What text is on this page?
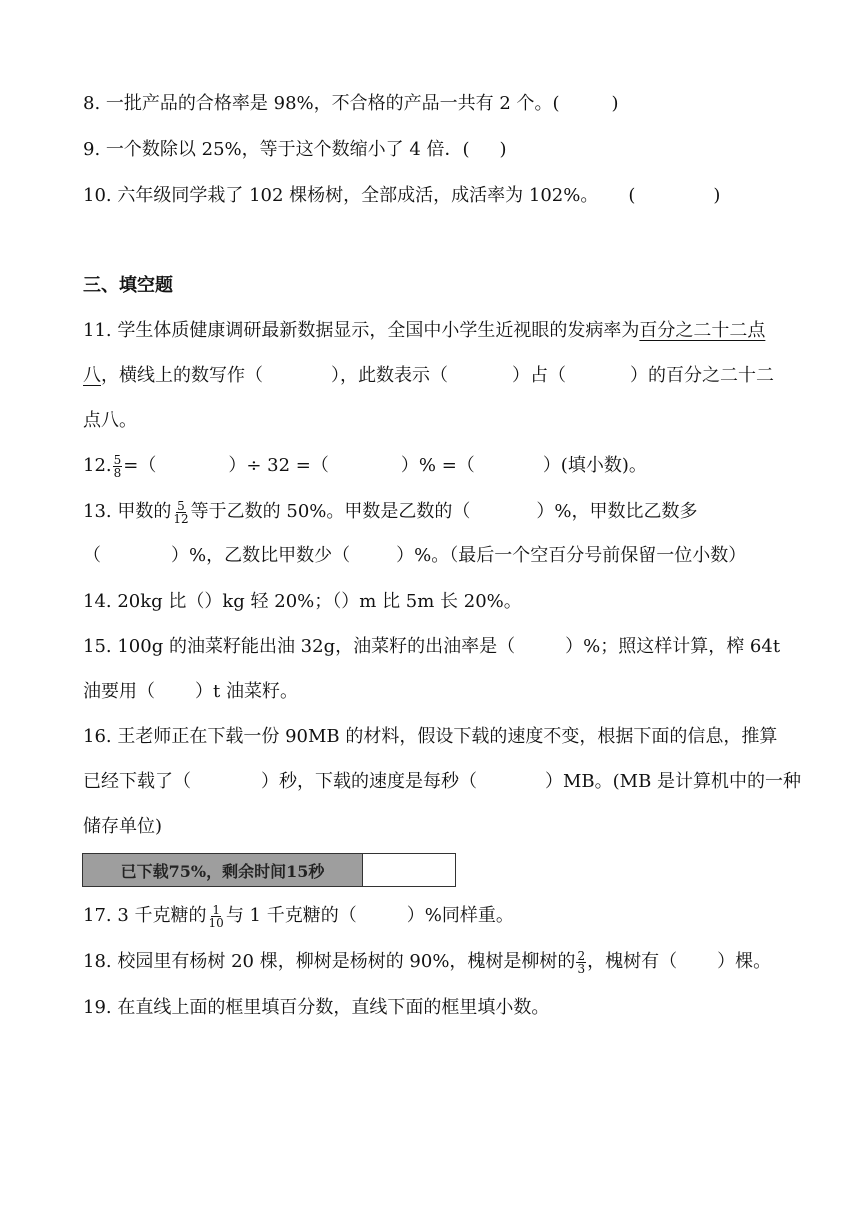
8. 一批产品的合格率是 98%，不合格的产品一共有 2 个。(	)
9. 一个数除以 25%，等于这个数缩小了 4 倍．( )
10. 六年级同学栽了 102 棵杨树，全部成活，成活率为 102%。 (	)
三、填空题
11. 学生体质健康调研最新数据显示，全国中小学生近视眼的发病率为百分之二十二点
八，横线上的数写作（	），此数表示（	）占（	）的百分之二十二
点八。
12. $\frac{5}{8}$ =（	）÷ 32 =（	）% =（	）(填小数)。
13. 甲数的 $\frac{5}{12}$ 等于乙数的 50%。甲数是乙数的（	）%，甲数比乙数多
（	）%，乙数比甲数少（	）%。（最后一个空百分号前保留一位小数）
14. 20kg 比（）kg 轻 20%；（）m 比 5m 长 20%。
15. 100g 的油菜籽能出油 32g，油菜籽的出油率是（	）%；照这样计算，榨 64t
油要用（ ）t 油菜籽。
16. 王老师正在下载一份 90MB 的材料，假设下载的速度不变，根据下面的信息，推算
已经下载了（	）秒，下载的速度是每秒（	）MB。(MB 是计算机中的一种
储存单位)
已下载75%，剩余时间15秒
17. 3 千克糖的 $\frac{1}{10}$ 与 1 千克糖的（	）%同样重。
18. 校园里有杨树 20 棵，柳树是杨树的 90%，槐树是柳树的 $\frac{2}{3}$ ，槐树有（ ）棵。
19. 在直线上面的框里填百分数，直线下面的框里填小数。
